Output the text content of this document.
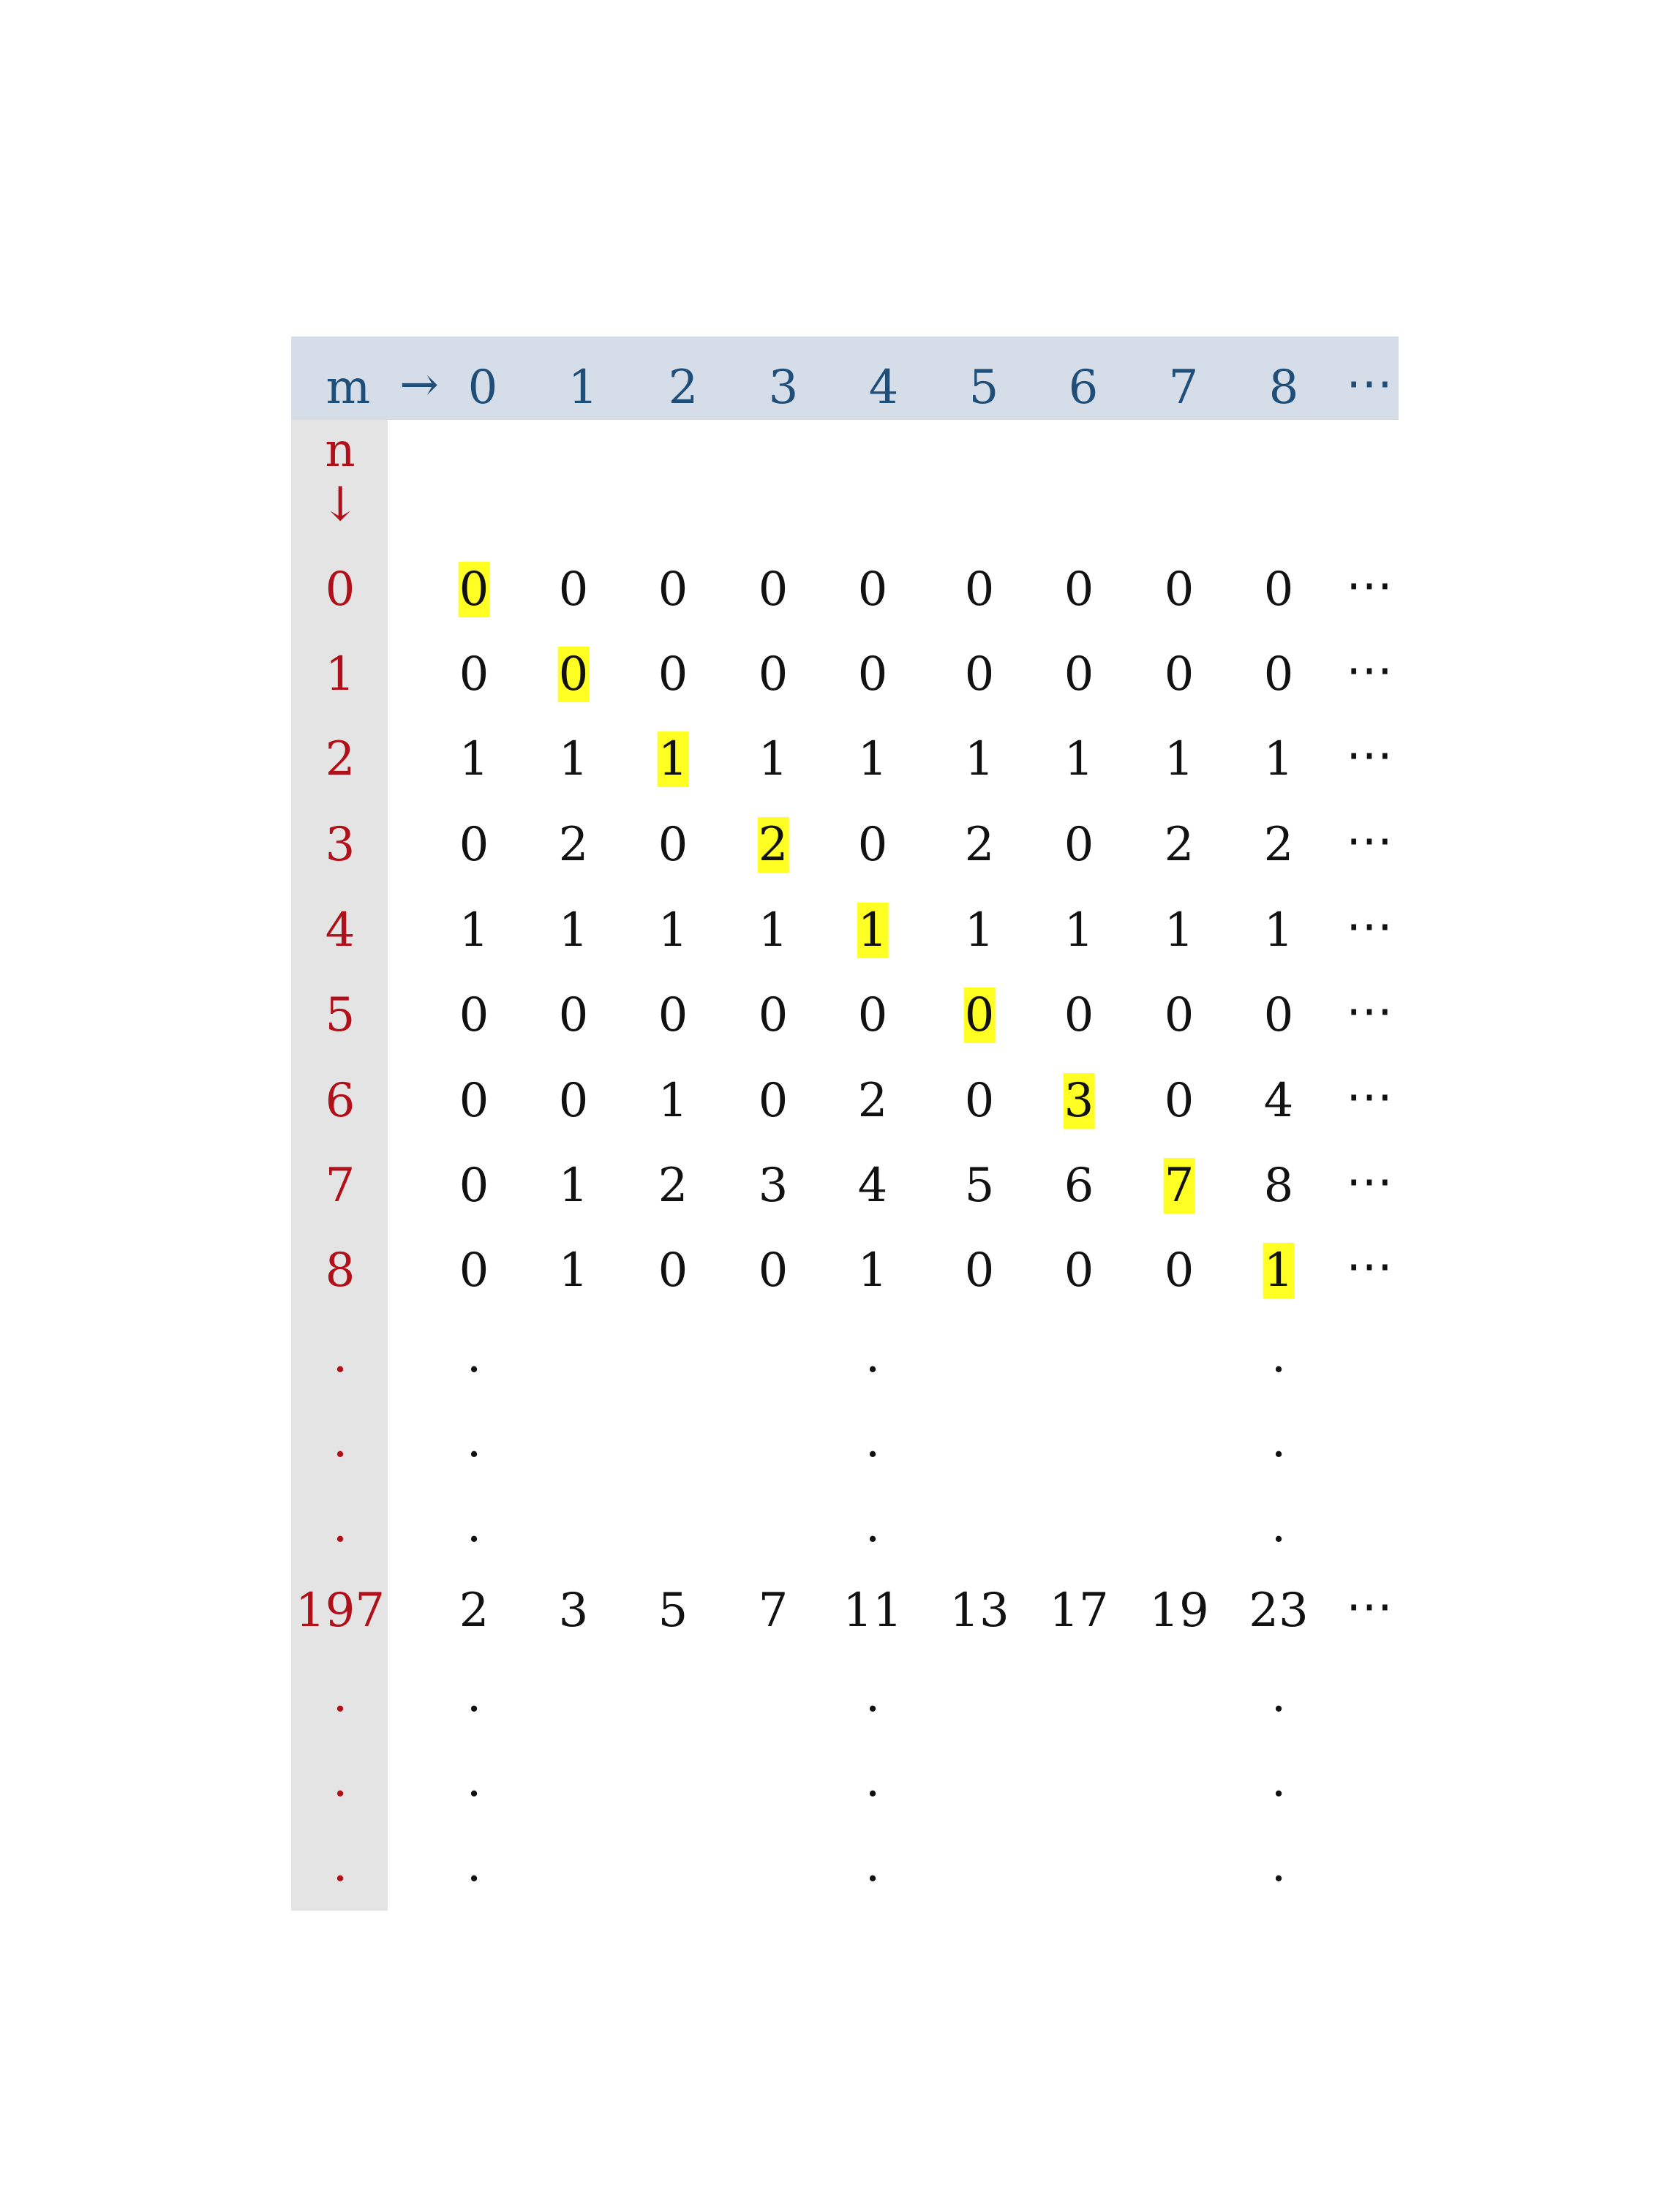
m → 0 1 2 3 4 5 6 7 8 ⋯
n
↓
0 0 0 0 0 0 0 0 0 0 ⋯
1 0 0 0 0 0 0 0 0 0 ⋯
2 1 1 1 1 1 1 1 1 1 ⋯
3 0 2 0 2 0 2 0 2 2 ⋯
4 1 1 1 1 1 1 1 1 1 ⋯
5 0 0 0 0 0 0 0 0 0 ⋯
6 0 0 1 0 2 0 3 0 4 ⋯
7 0 1 2 3 4 5 6 7 8 ⋯
8 0 1 0 0 1 0 0 0 1 ⋯
197 2 3 5 7 11 13 17 19 23 ⋯
.	.	.	.
.	.	.	.
.	.	.	.
.	.	.	.
.	.	.	.
.	.	.	.
